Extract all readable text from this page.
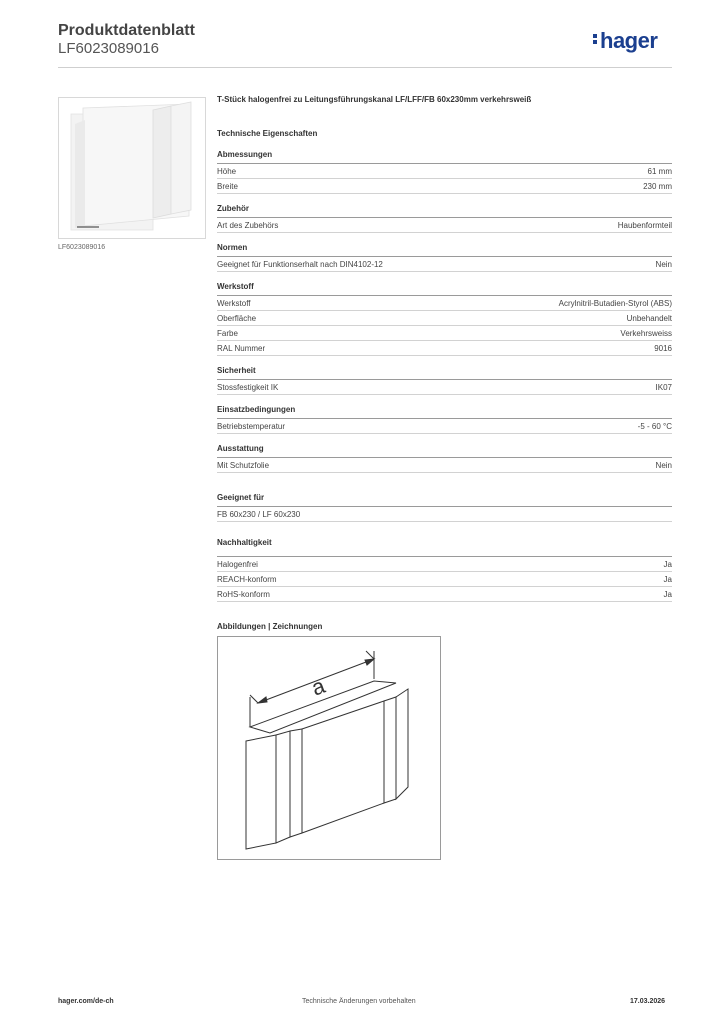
Produktdatenblatt
LF6023089016	hager
LF6023089016
T-Stück halogenfrei zu Leitungsführungskanal LF/LFF/FB 60x230mm verkehrsweiß
Technische Eigenschaften
Abmessungen
Höhe	61 mm
Breite	230 mm
Zubehör
Art des Zubehörs	Haubenformteil
Normen
Geeignet für Funktionserhalt nach DIN4102-12	Nein
Werkstoff
Werkstoff	Acrylnitril-Butadien-Styrol (ABS)
Oberfläche	Unbehandelt
Farbe	Verkehrsweiss
RAL Nummer	9016
Sicherheit
Stossfestigkeit IK	IK07
Einsatzbedingungen
Betriebstemperatur	-5 - 60 °C
Ausstattung
Mit Schutzfolie	Nein
Geeignet für
FB 60x230 / LF 60x230
Nachhaltigkeit
Halogenfrei	Ja
REACH-konform	Ja
RoHS-konform	Ja
Abbildungen | Zeichnungen
a
hager.com/de-ch	Technische Änderungen vorbehalten	17.03.2026
